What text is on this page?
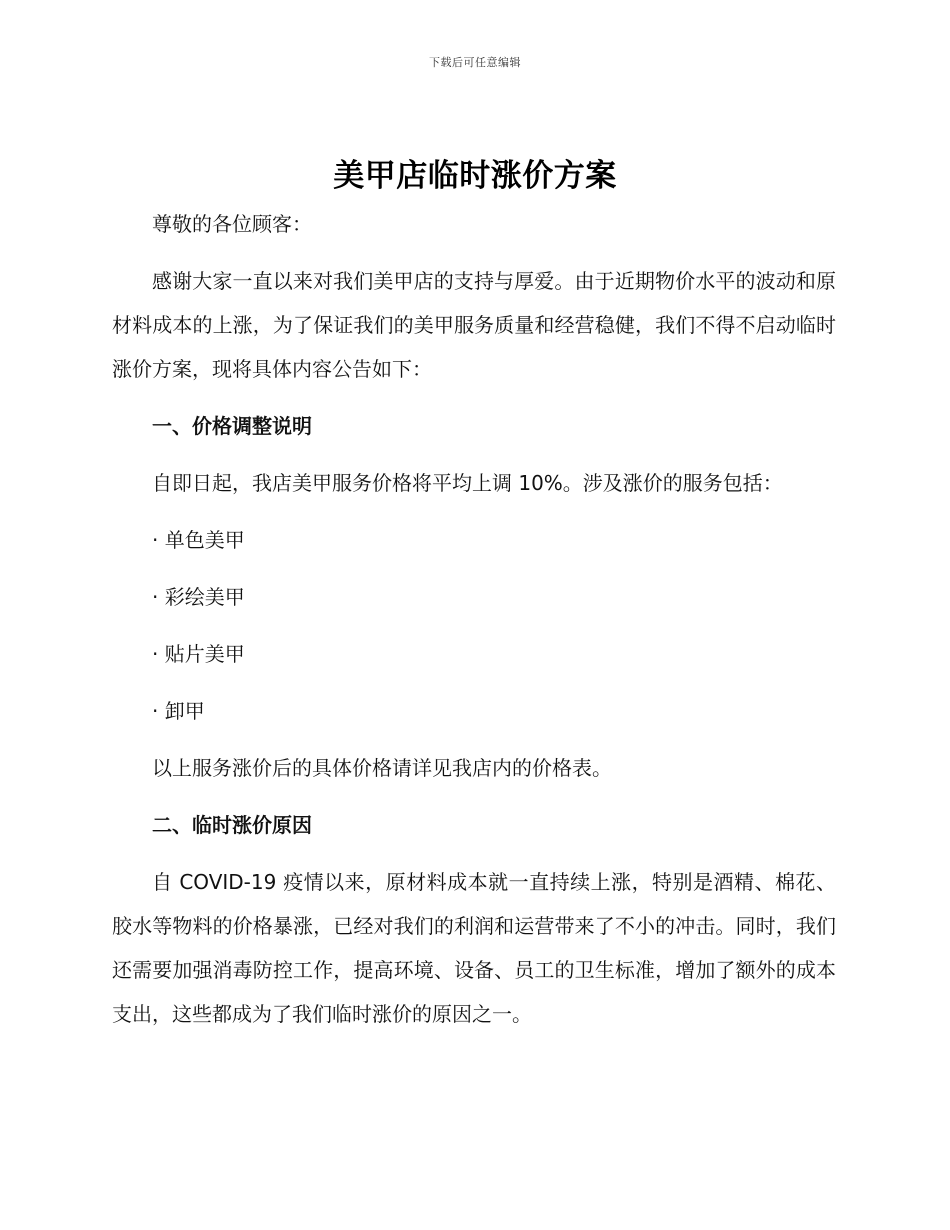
下载后可任意编辑
美甲店临时涨价方案
尊敬的各位顾客：
感谢大家一直以来对我们美甲店的支持与厚爱。由于近期物价水平的波动和原材料成本的上涨，为了保证我们的美甲服务质量和经营稳健，我们不得不启动临时涨价方案，现将具体内容公告如下：
一、价格调整说明
自即日起，我店美甲服务价格将平均上调 10%。涉及涨价的服务包括：
· 单色美甲
· 彩绘美甲
· 贴片美甲
· 卸甲
以上服务涨价后的具体价格请详见我店内的价格表。
二、临时涨价原因
自 COVID-19 疫情以来，原材料成本就一直持续上涨，特别是酒精、棉花、胶水等物料的价格暴涨，已经对我们的利润和运营带来了不小的冲击。同时，我们还需要加强消毒防控工作，提高环境、设备、员工的卫生标准，增加了额外的成本支出，这些都成为了我们临时涨价的原因之一。
